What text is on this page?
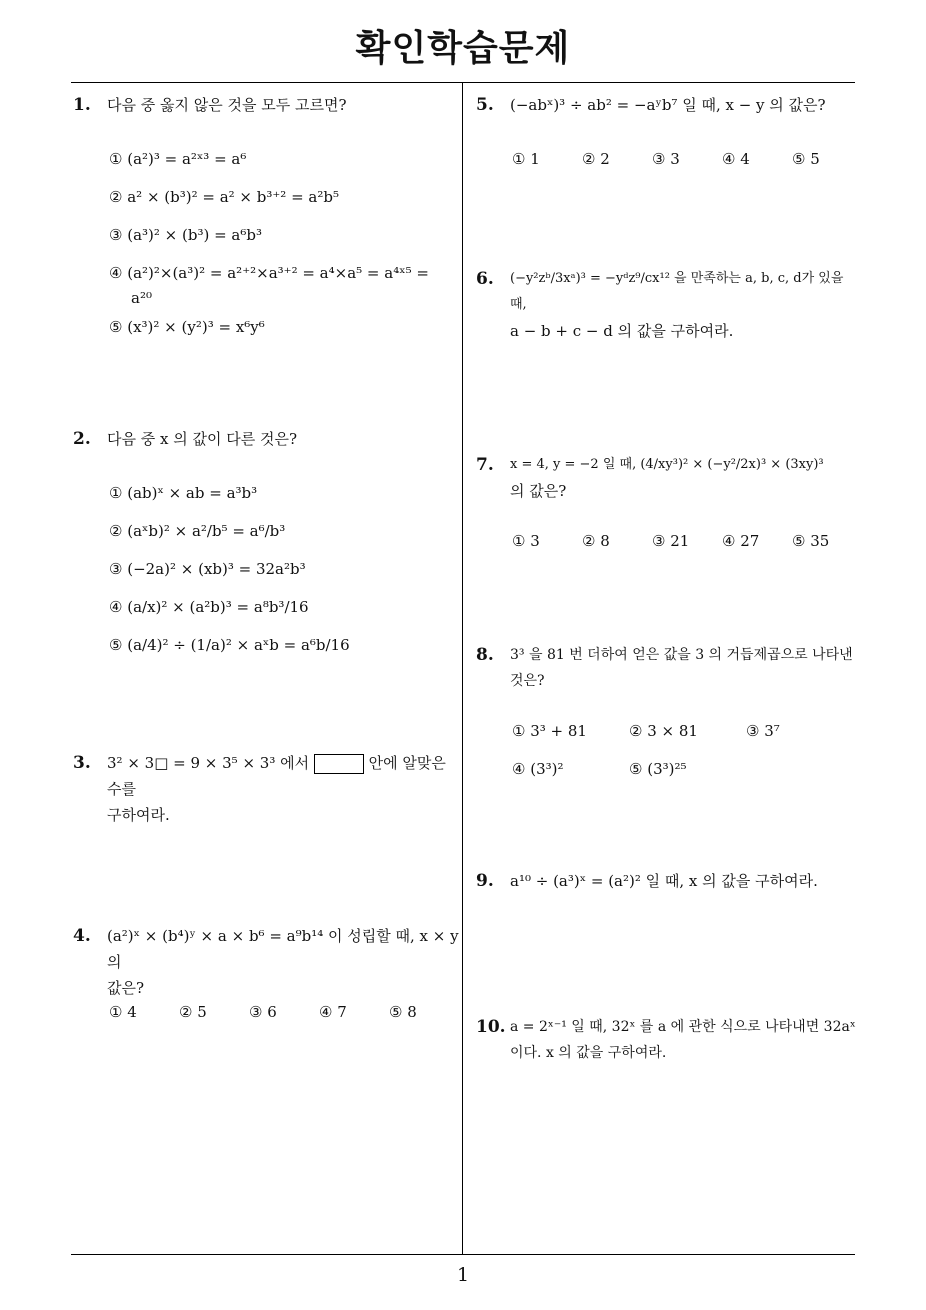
확인학습문제
1
1. 다음 중 옳지 않은 것을 모두 고르면?
① (a²)³ = a²ˣ³ = a⁶
② a² × (b³)² = a² × b³⁺² = a²b⁵
③ (a³)² × (b³) = a⁶b³
④ (a²)²×(a³)² = a²⁺²×a³⁺² = a⁴×a⁵ = a⁴ˣ⁵ =
a²⁰
⑤ (x³)² × (y²)³ = x⁶y⁶
2. 다음 중 x 의 값이 다른 것은?
① (ab)ˣ × ab = a³b³
② (aˣb)² × a²/b⁵ = a⁶/b³
③ (−2a)² × (xb)³ = 32a²b³
④ (a/x)² × (a²b)³ = a⁸b³/16
⑤ (a/4)² ÷ (1/a)² × aˣb = a⁶b/16
3. 3² × 3□ = 9 × 3⁵ × 3³ 에서	안에 알맞은 수를
구하여라.
4. (a²)ˣ × (b⁴)ʸ × a × b⁶ = a⁹b¹⁴ 이 성립할 때, x × y 의
값은?
① 4	② 5	③ 6	④ 7	⑤ 8
5. (−abˣ)³ ÷ ab² = −aʸb⁷ 일 때, x − y 의 값은?
① 1	② 2	③ 3	④ 4	⑤ 5
6. (−y²zᵇ/3xᵃ)³ = −yᵈz⁹/cx¹² 을 만족하는 a, b, c, d가 있을 때,
a − b + c − d 의 값을 구하여라.
7. x = 4, y = −2 일 때, (4/xy³)² × (−y²/2x)³ × (3xy)³
의 값은?
① 3	② 8	③ 21 ④ 27 ⑤ 35
8. 3³ 을 81 번 더하여 얻은 값을 3 의 거듭제곱으로 나타낸
것은?
① 3³ + 81	② 3 × 81	③ 3⁷
④ (3³)²	⑤ (3³)²⁵
9. a¹⁰ ÷ (a³)ˣ = (a²)² 일 때, x 의 값을 구하여라.
10. a = 2ˣ⁻¹ 일 때, 32ˣ 를 a 에 관한 식으로 나타내면 32aˣ
이다. x 의 값을 구하여라.
